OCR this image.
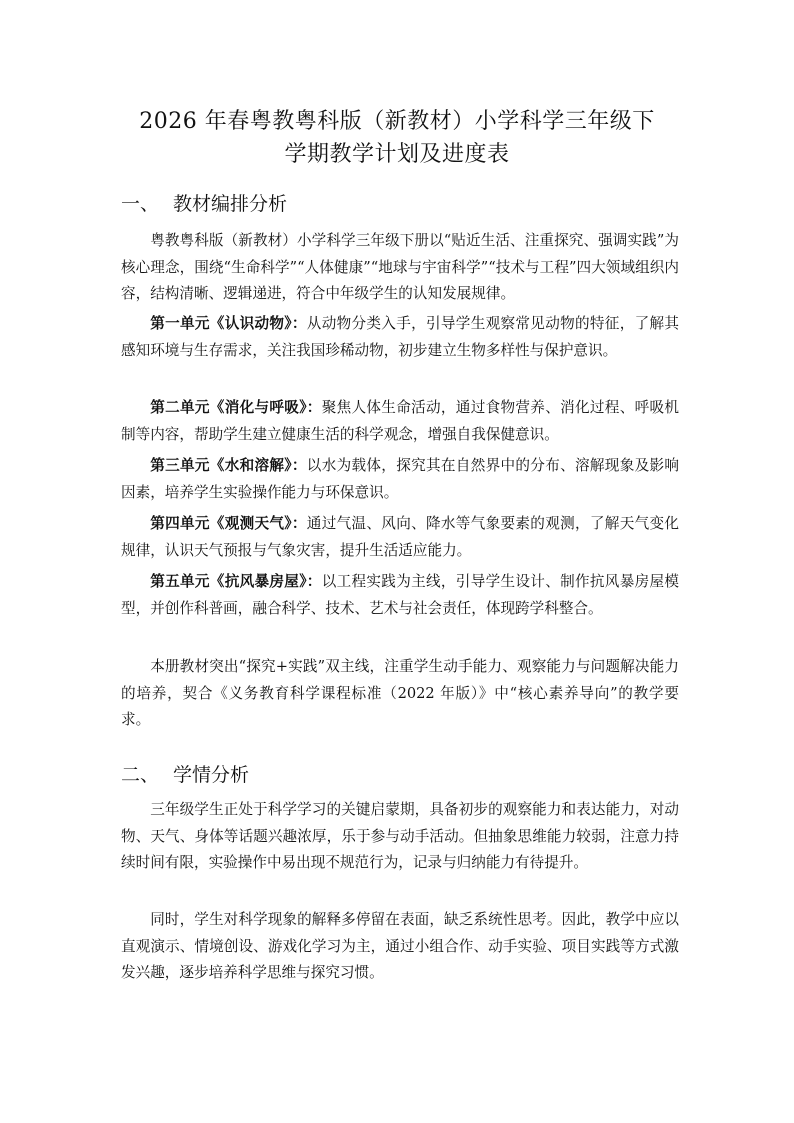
2026 年春粤教粤科版（新教材）小学科学三年级下
学期教学计划及进度表
一、 教材编排分析
粤教粤科版（新教材）小学科学三年级下册以“贴近生活、注重探究、强调实践”为核心理念，围绕“生命科学”“人体健康”“地球与宇宙科学”“技术与工程”四大领域组织内容，结构清晰、逻辑递进，符合中年级学生的认知发展规律。
第一单元《认识动物》：从动物分类入手，引导学生观察常见动物的特征，了解其感知环境与生存需求，关注我国珍稀动物，初步建立生物多样性与保护意识。
第二单元《消化与呼吸》：聚焦人体生命活动，通过食物营养、消化过程、呼吸机制等内容，帮助学生建立健康生活的科学观念，增强自我保健意识。
第三单元《水和溶解》：以水为载体，探究其在自然界中的分布、溶解现象及影响因素，培养学生实验操作能力与环保意识。
第四单元《观测天气》：通过气温、风向、降水等气象要素的观测，了解天气变化规律，认识天气预报与气象灾害，提升生活适应能力。
第五单元《抗风暴房屋》：以工程实践为主线，引导学生设计、制作抗风暴房屋模型，并创作科普画，融合科学、技术、艺术与社会责任，体现跨学科整合。
本册教材突出“探究+实践”双主线，注重学生动手能力、观察能力与问题解决能力的培养，契合《义务教育科学课程标准（2022 年版）》中“核心素养导向”的教学要求。
二、 学情分析
三年级学生正处于科学学习的关键启蒙期，具备初步的观察能力和表达能力，对动物、天气、身体等话题兴趣浓厚，乐于参与动手活动。但抽象思维能力较弱，注意力持续时间有限，实验操作中易出现不规范行为，记录与归纳能力有待提升。
同时，学生对科学现象的解释多停留在表面，缺乏系统性思考。因此，教学中应以直观演示、情境创设、游戏化学习为主，通过小组合作、动手实验、项目实践等方式激发兴趣，逐步培养科学思维与探究习惯。
